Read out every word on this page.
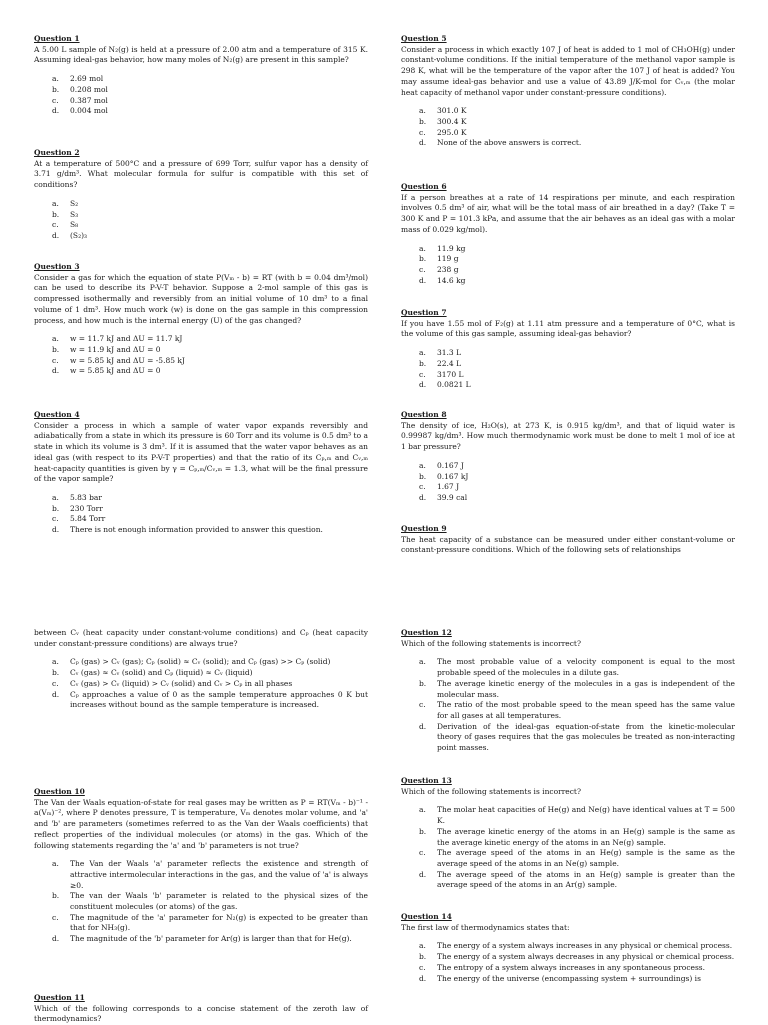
Question 1
A 5.00 L sample of N₂(g) is held at a pressure of 2.00 atm and a temperature of 315 K. Assuming ideal-gas behavior, how many moles of N₂(g) are present in this sample?
a.	2.69 mol
b.	0.208 mol
c.	0.387 mol
d.	0.004 mol
Question 2
At a temperature of 500°C and a pressure of 699 Torr, sulfur vapor has a density of 3.71 g/dm³. What molecular formula for sulfur is compatible with this set of conditions?
a.	S₂
b.	S₃
c.	S₈
d.	(S₂)₃
Question 3
Consider a gas for which the equation of state P(Vₘ - b) = RT (with b = 0.04 dm³/mol) can be used to describe its P-V-T behavior. Suppose a 2-mol sample of this gas is compressed isothermally and reversibly from an initial volume of 10 dm³ to a final volume of 1 dm³. How much work (w) is done on the gas sample in this compression process, and how much is the internal energy (U) of the gas changed?
a.	w = 11.7 kJ and ΔU = 11.7 kJ
b.	w = 11.9 kJ and ΔU = 0
c.	w = 5.85 kJ and ΔU = -5.85 kJ
d.	w = 5.85 kJ and ΔU = 0
Question 4
Consider a process in which a sample of water vapor expands reversibly and adiabatically from a state in which its pressure is 60 Torr and its volume is 0.5 dm³ to a state in which its volume is 3 dm³. If it is assumed that the water vapor behaves as an ideal gas (with respect to its P-V-T properties) and that the ratio of its Cₚ,ₘ and Cᵥ,ₘ heat-capacity quantities is given by γ = Cₚ,ₘ/Cᵥ,ₘ = 1.3, what will be the final pressure of the vapor sample?
a.	5.83 bar
b.	230 Torr
c.	5.84 Torr
d.	There is not enough information provided to answer this question.
between Cᵥ (heat capacity under constant-volume conditions) and Cₚ (heat capacity under constant-pressure conditions) are always true?
a.	Cₚ (gas) > Cᵥ (gas); Cₚ (solid) ≈ Cᵥ (solid); and Cₚ (gas) >> Cₚ (solid)
b.	Cᵥ (gas) ≈ Cᵥ (solid) and Cₚ (liquid) ≈ Cᵥ (liquid)
c.	Cᵥ (gas) > Cᵥ (liquid) > Cᵥ (solid) and Cᵥ > Cₚ in all phases
d.	Cₚ approaches a value of 0 as the sample temperature approaches 0 K but increases without bound as the sample temperature is increased.
Question 10
The Van der Waals equation-of-state for real gases may be written as P = RT(Vₘ - b)⁻¹ - a(Vₘ)⁻², where P denotes pressure, T is temperature, Vₘ denotes molar volume, and 'a' and 'b' are parameters (sometimes referred to as the Van der Waals coefficients) that reflect properties of the individual molecules (or atoms) in the gas. Which of the following statements regarding the 'a' and 'b' parameters is not true?
a.	The Van der Waals 'a' parameter reflects the existence and strength of attractive intermolecular interactions in the gas, and the value of 'a' is always ≥0.
b.	The van der Waals 'b' parameter is related to the physical sizes of the constituent molecules (or atoms) of the gas.
c.	The magnitude of the 'a' parameter for N₂(g) is expected to be greater than that for NH₃(g).
d.	The magnitude of the 'b' parameter for Ar(g) is larger than that for He(g).
Question 11
Which of the following corresponds to a concise statement of the zeroth law of thermodynamics?
Question 5
Consider a process in which exactly 107 J of heat is added to 1 mol of CH₃OH(g) under constant-volume conditions. If the initial temperature of the methanol vapor sample is 298 K, what will be the temperature of the vapor after the 107 J of heat is added? You may assume ideal-gas behavior and use a value of 43.89 J/K-mol for Cᵥ,ₘ (the molar heat capacity of methanol vapor under constant-pressure conditions).
a.	301.0 K
b.	300.4 K
c.	295.0 K
d.	None of the above answers is correct.
Question 6
If a person breathes at a rate of 14 respirations per minute, and each respiration involves 0.5 dm³ of air, what will be the total mass of air breathed in a day? (Take T = 300 K and P = 101.3 kPa, and assume that the air behaves as an ideal gas with a molar mass of 0.029 kg/mol).
a.	11.9 kg
b.	119 g
c.	238 g
d.	14.6 kg
Question 7
If you have 1.55 mol of F₂(g) at 1.11 atm pressure and a temperature of 0°C, what is the volume of this gas sample, assuming ideal-gas behavior?
a.	31.3 L
b.	22.4 L
c.	3170 L
d.	0.0821 L
Question 8
The density of ice, H₂O(s), at 273 K, is 0.915 kg/dm³, and that of liquid water is 0.99987 kg/dm³. How much thermodynamic work must be done to melt 1 mol of ice at 1 bar pressure?
a.	0.167 J
b.	0.167 kJ
c.	1.67 J
d.	39.9 cal
Question 9
The heat capacity of a substance can be measured under either constant-volume or constant-pressure conditions. Which of the following sets of relationships
Question 12
Which of the following statements is incorrect?
a.	The most probable value of a velocity component is equal to the most probable speed of the molecules in a dilute gas.
b.	The average kinetic energy of the molecules in a gas is independent of the molecular mass.
c.	The ratio of the most probable speed to the mean speed has the same value for all gases at all temperatures.
d.	Derivation of the ideal-gas equation-of-state from the kinetic-molecular theory of gases requires that the gas molecules be treated as non-interacting point masses.
Question 13
Which of the following statements is incorrect?
a.	The molar heat capacities of He(g) and Ne(g) have identical values at T = 500 K.
b.	The average kinetic energy of the atoms in an He(g) sample is the same as the average kinetic energy of the atoms in an Ne(g) sample.
c.	The average speed of the atoms in an He(g) sample is the same as the average speed of the atoms in an Ne(g) sample.
d.	The average speed of the atoms in an He(g) sample is greater than the average speed of the atoms in an Ar(g) sample.
Question 14
The first law of thermodynamics states that:
a.	The energy of a system always increases in any physical or chemical process.
b.	The energy of a system always decreases in any physical or chemical process.
c.	The entropy of a system always increases in any spontaneous process.
d.	The energy of the universe (encompassing system + surroundings) is
